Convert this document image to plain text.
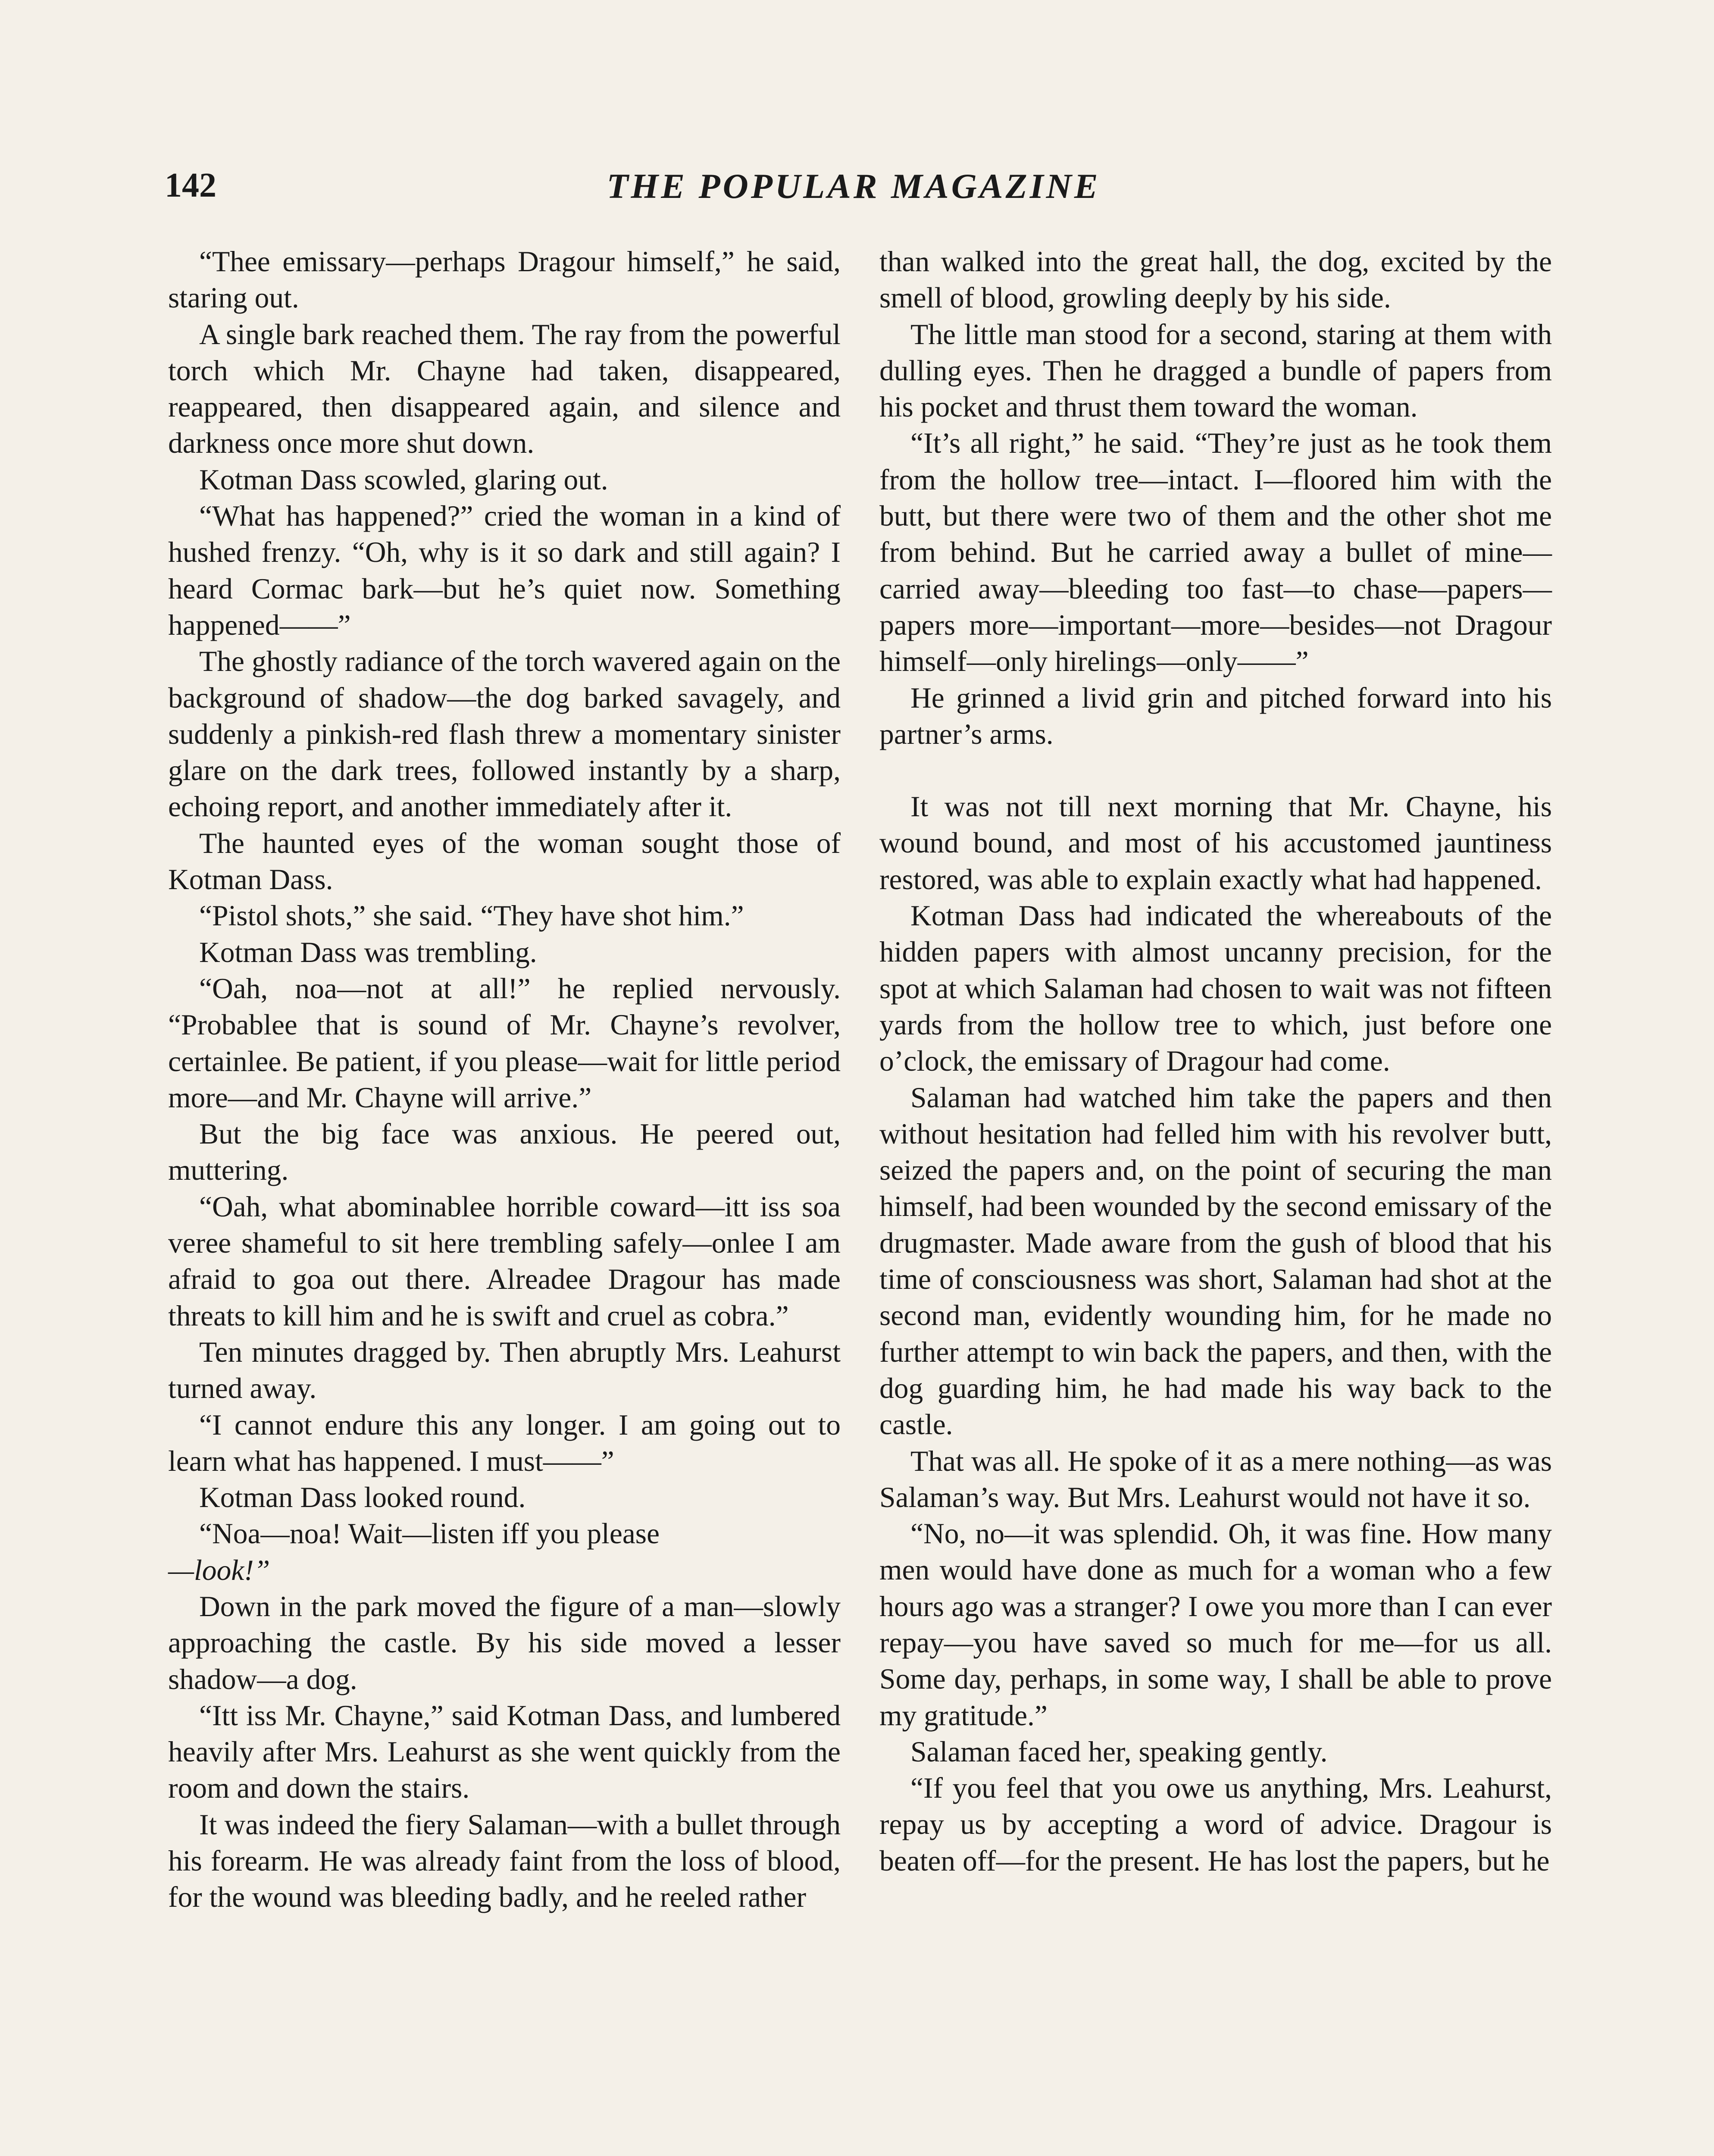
142	THE POPULAR MAGAZINE

“Thee emissary—perhaps Dragour himself,” he said, staring out.

A single bark reached them. The ray from the powerful torch which Mr. Chayne had taken, disappeared, reappeared, then disappeared again, and silence and darkness once more shut down.

Kotman Dass scowled, glaring out.

“What has happened?” cried the woman in a kind of hushed frenzy. “Oh, why is it so dark and still again? I heard Cormac bark—but he’s quiet now. Something happened——”

The ghostly radiance of the torch wavered again on the background of shadow—the dog barked savagely, and suddenly a pinkish-red flash threw a momentary sinister glare on the dark trees, followed instantly by a sharp, echoing report, and another immediately after it.

The haunted eyes of the woman sought those of Kotman Dass.

“Pistol shots,” she said. “They have shot him.”

Kotman Dass was trembling.

“Oah, noa—not at all!” he replied nervously. “Probablee that is sound of Mr. Chayne’s revolver, certainlee. Be patient, if you please—wait for little period more—and Mr. Chayne will arrive.”

But the big face was anxious. He peered out, muttering.

“Oah, what abominablee horrible coward—itt iss soa veree shameful to sit here trembling safely—onlee I am afraid to goa out there. Alreadee Dragour has made threats to kill him and he is swift and cruel as cobra.”

Ten minutes dragged by. Then abruptly Mrs. Leahurst turned away.

“I cannot endure this any longer. I am going out to learn what has happened. I must——”

Kotman Dass looked round.

“Noa—noa! Wait—listen iff you please

—look!”

Down in the park moved the figure of a man—slowly approaching the castle. By his side moved a lesser shadow—a dog.

“Itt iss Mr. Chayne,” said Kotman Dass, and lumbered heavily after Mrs. Leahurst as she went quickly from the room and down the stairs.

It was indeed the fiery Salaman—with a bullet through his forearm. He was already faint from the loss of blood, for the wound was bleeding badly, and he reeled rather

than walked into the great hall, the dog, excited by the smell of blood, growling deeply by his side.

The little man stood for a second, staring at them with dulling eyes. Then he dragged a bundle of papers from his pocket and thrust them toward the woman.

“It’s all right,” he said. “They’re just as he took them from the hollow tree—intact. I—floored him with the butt, but there were two of them and the other shot me from behind. But he carried away a bullet of mine—carried away—bleeding too fast—to chase—papers—papers more—important—more—besides—not Dragour himself—only hirelings—only——”

He grinned a livid grin and pitched forward into his partner’s arms.

It was not till next morning that Mr. Chayne, his wound bound, and most of his accustomed jauntiness restored, was able to explain exactly what had happened.

Kotman Dass had indicated the whereabouts of the hidden papers with almost uncanny precision, for the spot at which Salaman had chosen to wait was not fifteen yards from the hollow tree to which, just before one o’clock, the emissary of Dragour had come.

Salaman had watched him take the papers and then without hesitation had felled him with his revolver butt, seized the papers and, on the point of securing the man himself, had been wounded by the second emissary of the drugmaster. Made aware from the gush of blood that his time of consciousness was short, Salaman had shot at the second man, evidently wounding him, for he made no further attempt to win back the papers, and then, with the dog guarding him, he had made his way back to the castle.

That was all. He spoke of it as a mere nothing—as was Salaman’s way. But Mrs. Leahurst would not have it so.

“No, no—it was splendid. Oh, it was fine. How many men would have done as much for a woman who a few hours ago was a stranger? I owe you more than I can ever repay—you have saved so much for me—for us all. Some day, perhaps, in some way, I shall be able to prove my gratitude.”

Salaman faced her, speaking gently.

“If you feel that you owe us anything, Mrs. Leahurst, repay us by accepting a word of advice. Dragour is beaten off—for the present. He has lost the papers, but he
